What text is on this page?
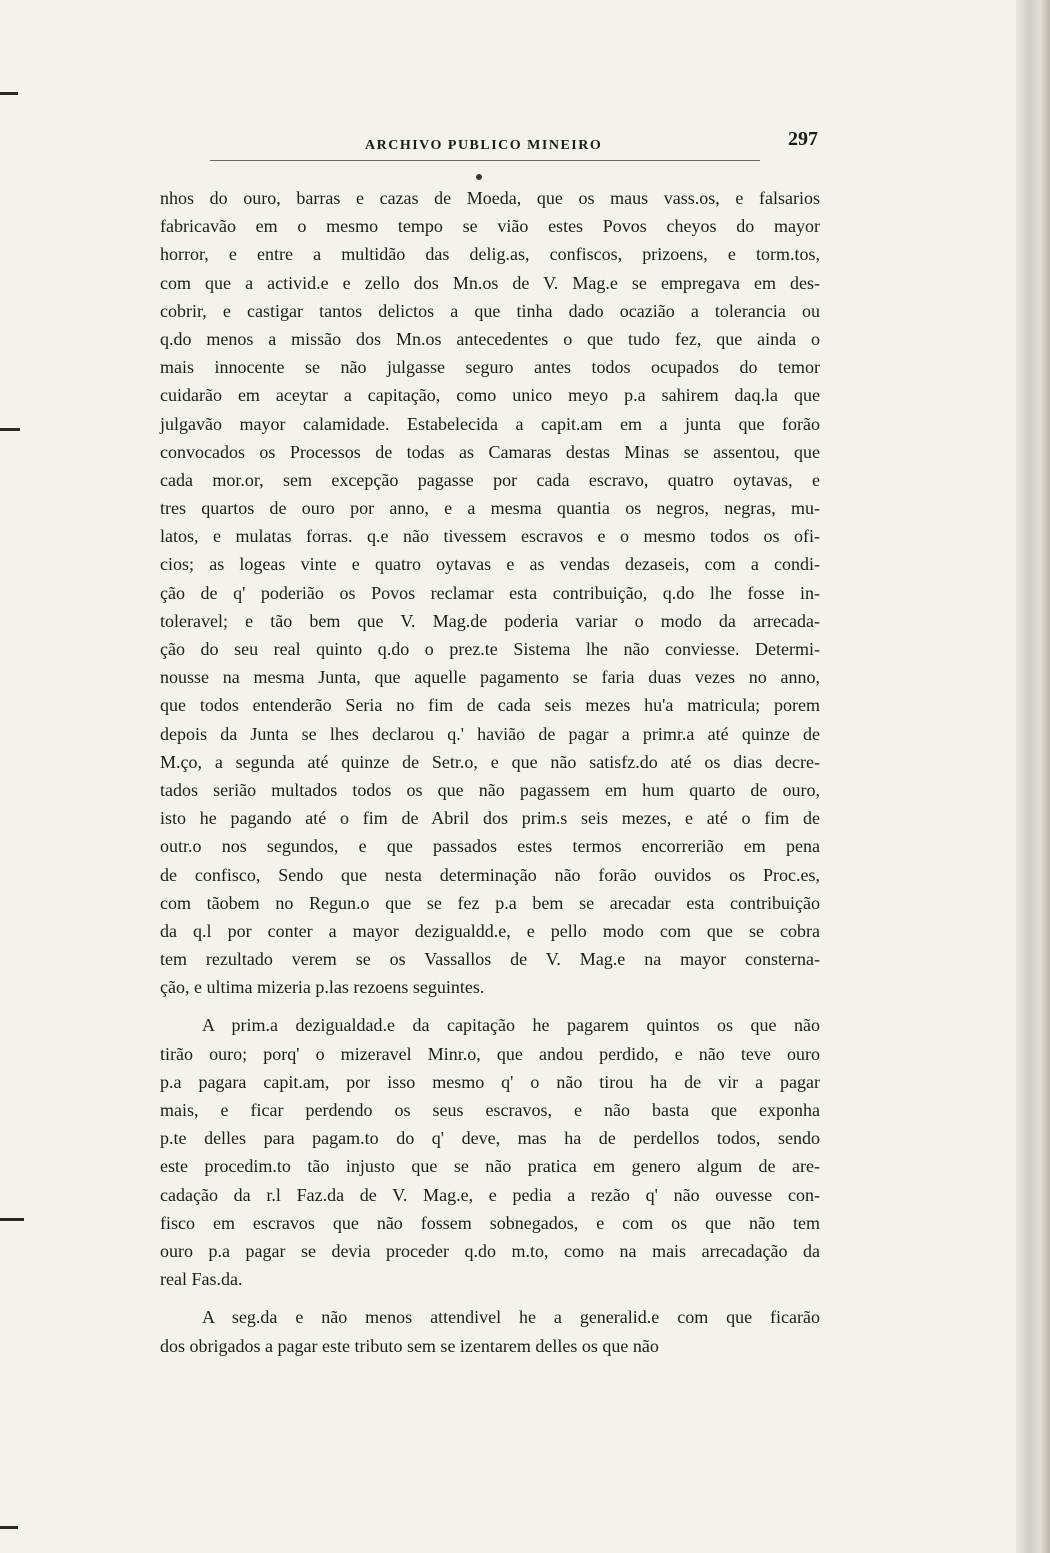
ARCHIVO PUBLICO MINEIRO	297
nhos do ouro, barras e cazas de Moeda, que os maus vass.os, e falsarios
fabricavão em o mesmo tempo se vião estes Povos cheyos do mayor
horror, e entre a multidão das delig.as, confiscos, prizoens, e torm.tos,
com que a activid.e e zello dos Mn.os de V. Mag.e se empregava em des-
cobrir, e castigar tantos delictos a que tinha dado ocazião a tolerancia ou
q.do menos a missão dos Mn.os antecedentes o que tudo fez, que ainda o
mais innocente se não julgasse seguro antes todos ocupados do temor
cuidarão em aceytar a capitação, como unico meyo p.a sahirem daq.la que
julgavão mayor calamidade. Estabelecida a capit.am em a junta que forão
convocados os Processos de todas as Camaras destas Minas se assentou, que
cada mor.or, sem excepção pagasse por cada escravo, quatro oytavas, e
tres quartos de ouro por anno, e a mesma quantia os negros, negras, mu-
latos, e mulatas forras. q.e não tivessem escravos e o mesmo todos os ofi-
cios; as logeas vinte e quatro oytavas e as vendas dezaseis, com a condi-
ção de q' poderião os Povos reclamar esta contribuição, q.do lhe fosse in-
toleravel; e tão bem que V. Mag.de poderia variar o modo da arrecada-
ção do seu real quinto q.do o prez.te Sistema lhe não conviesse. Determi-
nousse na mesma Junta, que aquelle pagamento se faria duas vezes no anno,
que todos entenderão Seria no fim de cada seis mezes hu'a matricula; porem
depois da Junta se lhes declarou q.' havião de pagar a primr.a até quinze de
M.ço, a segunda até quinze de Setr.o, e que não satisfz.do até os dias decre-
tados serião multados todos os que não pagassem em hum quarto de ouro,
isto he pagando até o fim de Abril dos prim.s seis mezes, e até o fim de
outr.o nos segundos, e que passados estes termos encorrerião em pena
de confisco, Sendo que nesta determinação não forão ouvidos os Proc.es,
com tãobem no Regun.o que se fez p.a bem se arecadar esta contribuição
da q.l por conter a mayor dezigualdd.e, e pello modo com que se cobra
tem rezultado verem se os Vassallos de V. Mag.e na mayor consterna-
ção, e ultima mizeria p.las rezoens seguintes.
A prim.a dezigualdad.e da capitação he pagarem quintos os que não
tirão ouro; porq' o mizeravel Minr.o, que andou perdido, e não teve ouro
p.a pagara capit.am, por isso mesmo q' o não tirou ha de vir a pagar
mais, e ficar perdendo os seus escravos, e não basta que exponha
p.te delles para pagam.to do q' deve, mas ha de perdellos todos, sendo
este procedim.to tão injusto que se não pratica em genero algum de are-
cadação da r.l Faz.da de V. Mag.e, e pedia a rezão q' não ouvesse con-
fisco em escravos que não fossem sobnegados, e com os que não tem
ouro p.a pagar se devia proceder q.do m.to, como na mais arrecadação da
real Fas.da.
A seg.da e não menos attendivel he a generalid.e com que ficarão
dos obrigados a pagar este tributo sem se izentarem delles os que não
